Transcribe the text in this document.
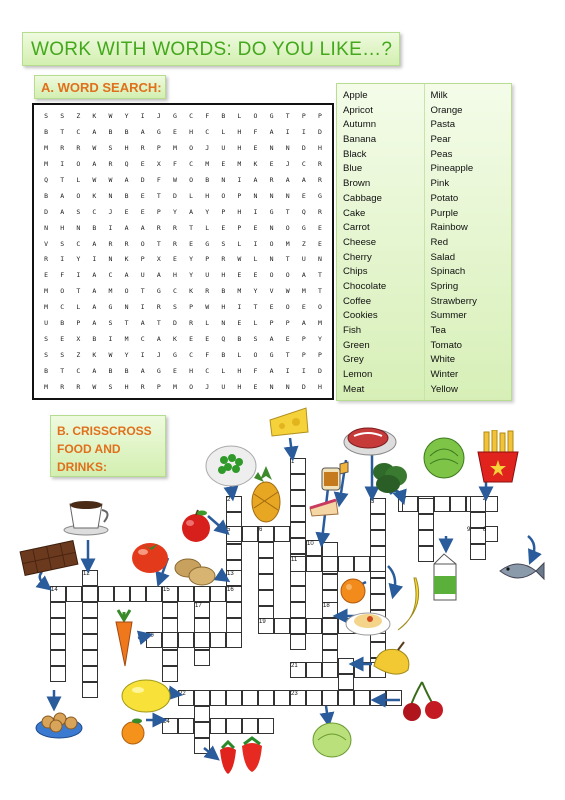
WORK WITH WORDS: DO YOU LIKE…?
A. WORD SEARCH:
S	S	Z	K	W	Y	I	J	G	C	F	B	L	O	G	T	P	P
B	T	C	A	B	B	A	G	E	H	C	L	H	F	A	I	I	D
M	R	R	W	S	H	R	P	M	O	J	U	H	E	N	N	D	H
M	I	O	A	R	Q	E	X	F	C	M	E	M	K	E	J	C	R
Q	T	L	W	W	A	D	F	W	O	B	N	I	A	R	A	A	R
B	A	O	K	N	B	E	T	D	L	H	O	P	N	N	N	E	G
D	A	S	C	J	E	E	P	Y	A	Y	P	H	I	G	T	Q	R
N	H	N	B	I	A	A	R	R	T	L	E	P	E	N	O	G	E
V	S	C	A	R	R	O	T	R	E	G	S	L	I	O	M	Z	E
R	I	Y	I	N	K	P	X	E	Y	P	R	W	L	N	T	U	N
E	F	I	A	C	A	U	A	H	Y	U	H	E	E	O	O	A	T
M	O	T	A	M	O	T	G	C	K	R	B	M	Y	V	W	M	T
M	C	L	A	G	N	I	R	S	P	W	H	I	T	E	O	E	O
U	B	P	A	S	T	A	T	D	R	L	N	E	L	P	P	A	M
S	E	X	B	I	M	C	A	K	E	E	Q	B	S	A	E	P	Y
S	S	Z	K	W	Y	I	J	G	C	F	B	L	O	G	T	P	P
B	T	C	A	B	B	A	G	E	H	C	L	H	F	A	I	I	D
M	R	R	W	S	H	R	P	M	O	J	U	H	E	N	N	D	H
Apple
Apricot
Autumn
Banana
Black
Blue
Brown
Cabbage
Cake
Carrot
Cheese
Cherry
Chips
Chocolate
Coffee
Cookies
Fish
Green
Grey
Lemon
Meat
Milk
Orange
Pasta
Pear
Peas
Pineapple
Pink
Potato
Purple
Rainbow
Red
Salad
Spinach
Spring
Strawberry
Summer
Tea
Tomato
White
Winter
Yellow
B. CRISSCROSS
FOOD AND
DRINKS:	1
2	3	4
5	6
7
8
9
10
11
12	13
14	15	16
17	18
19
20
21
22	23
24
